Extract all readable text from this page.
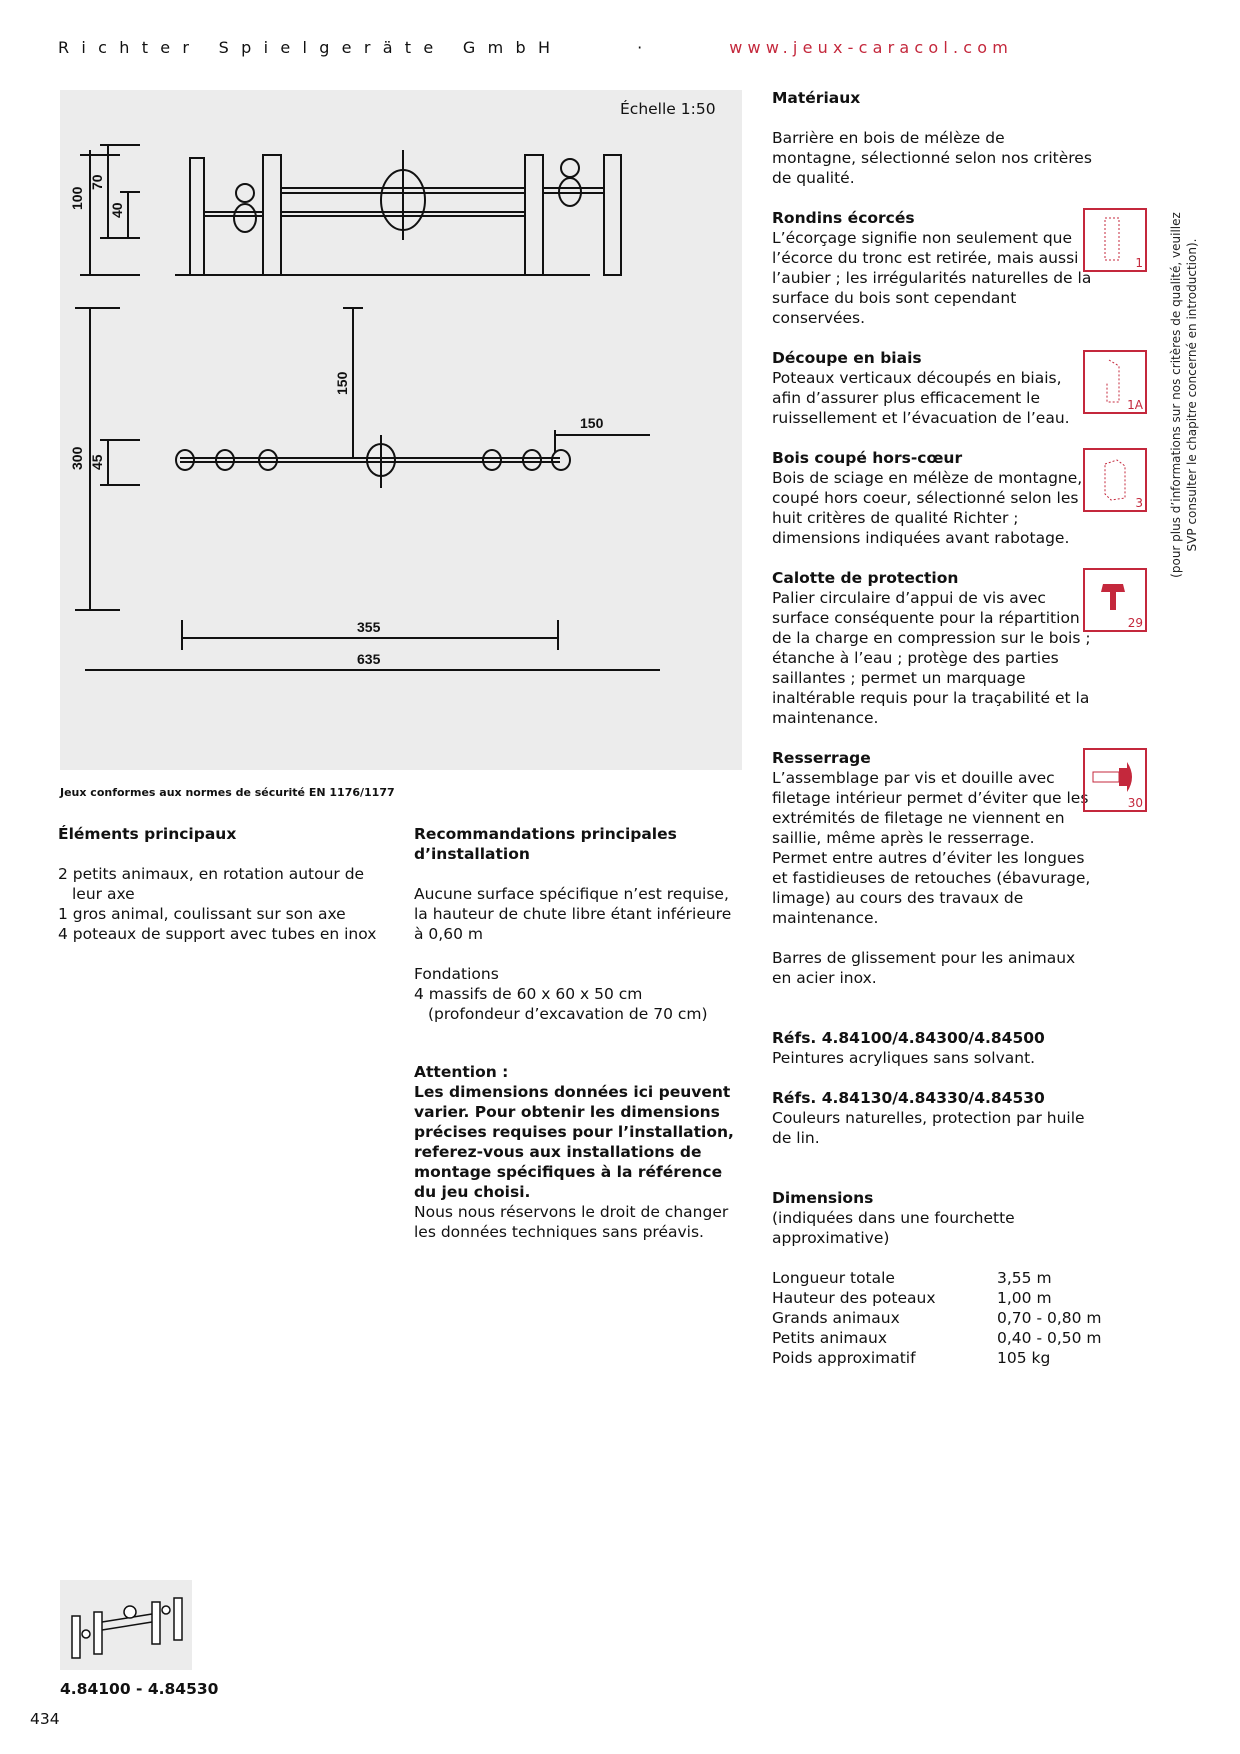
Richter Spielgeräte GmbH	·	www.jeux-caracol.com
100
70
40
300 45
150
150
355
635
Échelle 1:50
Jeux conformes aux normes de sécurité EN 1176/1177
Éléments principaux
2 petits animaux, en rotation autour de leur axe
1 gros animal, coulissant sur son axe
4 poteaux de support avec tubes en inox
Recommandations principales d’installation
Aucune surface spécifique n’est requise, la hauteur de chute libre étant inférieure à 0,60 m
Fondations
4 massifs de 60 x 60 x 50 cm
(profondeur d’excavation de 70 cm)
Attention :
Les dimensions données ici peuvent varier. Pour obtenir les dimensions précises requises pour l’installation, referez-vous aux installations de montage spécifiques à la référence du jeu choisi.
Nous nous réservons le droit de changer les données techniques sans préavis.
Matériaux
Barrière en bois de mélèze de montagne, sélectionné selon nos critères de qualité.
Rondins écorcés
L’écorçage signifie non seulement que l’écorce du tronc est retirée, mais aussi l’aubier ; les irrégularités naturelles de la surface du bois sont cependant conservées.
1
Découpe en biais
Poteaux verticaux découpés en biais, afin d’assurer plus efficacement le ruissellement et l’évacuation de l’eau.
1A
Bois coupé hors-cœur
Bois de sciage en mélèze de montagne, coupé hors coeur, sélectionné selon les huit critères de qualité Richter ; dimensions indiquées avant rabotage.
3
Calotte de protection
Palier circulaire d’appui de vis avec surface conséquente pour la répartition de la charge en compression sur le bois ; étanche à l’eau ; protège des parties saillantes ; permet un marquage inaltérable requis pour la traçabilité et la maintenance.
29
Resserrage
L’assemblage par vis et douille avec filetage intérieur permet d’éviter que les extrémités de filetage ne viennent en saillie, même après le resserrage. Permet entre autres d’éviter les longues et fastidieuses de retouches (ébavurage, limage) au cours des travaux de maintenance.
30
Barres de glissement pour les animaux en acier inox.
Réfs. 4.84100/4.84300/4.84500
Peintures acryliques sans solvant.
Réfs. 4.84130/4.84330/4.84530
Couleurs naturelles, protection par huile de lin.
Dimensions
(indiquées dans une fourchette approximative)
Longueur totale	3,55 m
Hauteur des poteaux	1,00 m
Grands animaux	0,70 - 0,80 m
Petits animaux	0,40 - 0,50 m
Poids approximatif	105 kg
(pour plus d’informations sur nos critères de qualité, veuillez SVP consulter le chapitre concerné en introduction).
4.84100 - 4.84530
434
